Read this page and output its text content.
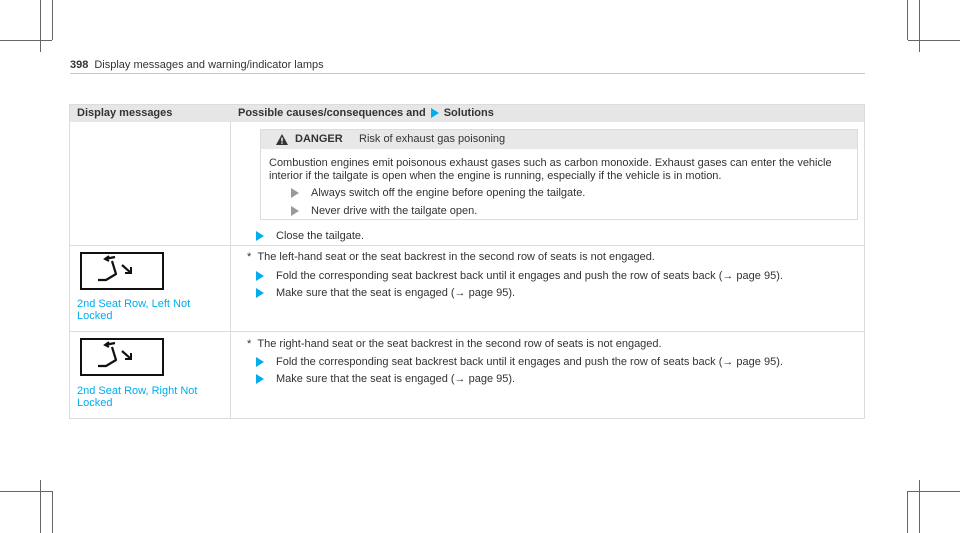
398 Display messages and warning/indicator lamps
Display messages	Possible causes/consequences and Solutions
DANGER Risk of exhaust gas poisoning
Combustion engines emit poisonous exhaust gases such as carbon monoxide. Exhaust gases can enter the vehicle interior if the tailgate is open when the engine is running, especially if the vehicle is in motion.
Always switch off the engine before opening the tailgate.
Never drive with the tailgate open.
Close the tailgate.
2nd Seat Row, Left Not Locked
*  The left-hand seat or the seat backrest in the second row of seats is not engaged.
Fold the corresponding seat backrest back until it engages and push the row of seats back (→ page 95).
Make sure that the seat is engaged (→ page 95).
2nd Seat Row, Right Not Locked
*  The right-hand seat or the seat backrest in the second row of seats is not engaged.
Fold the corresponding seat backrest back until it engages and push the row of seats back (→ page 95).
Make sure that the seat is engaged (→ page 95).
